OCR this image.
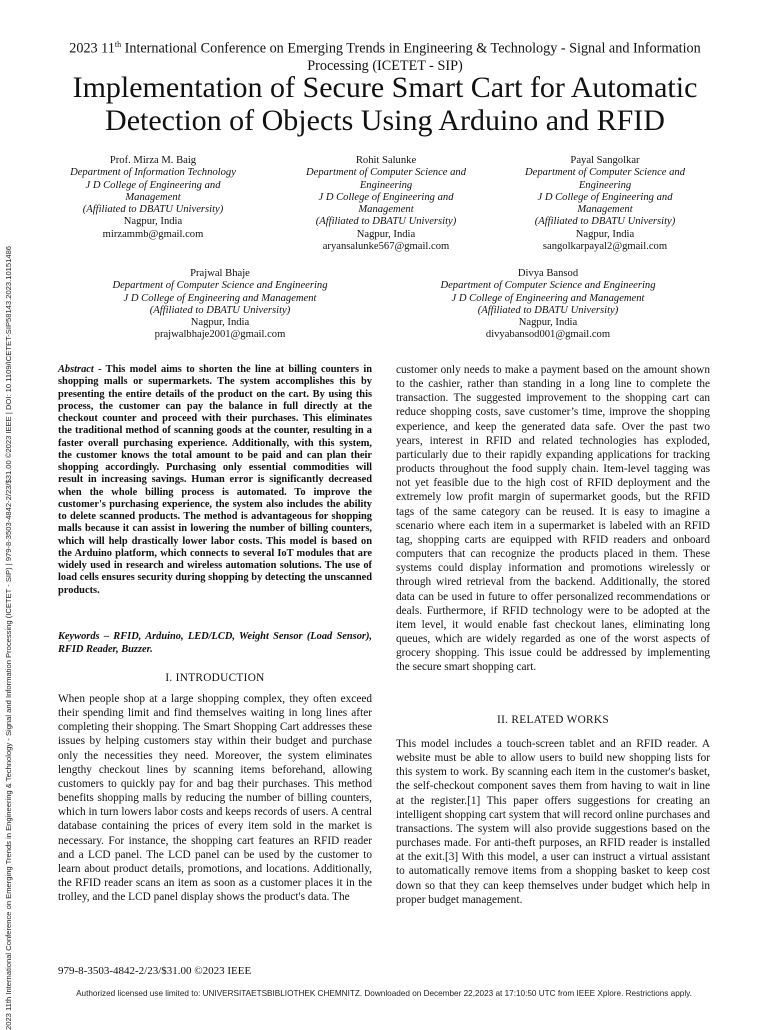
2023 11th International Conference on Emerging Trends in Engineering & Technology - Signal and Information Processing (ICETET - SIP) | 979-8-3503-4842-2/23/$31.00 ©2023 IEEE | DOI: 10.1109/ICETET-SIP58143.2023.10151486
2023 11th International Conference on Emerging Trends in Engineering & Technology - Signal and Information Processing (ICETET - SIP)
Implementation of Secure Smart Cart for Automatic Detection of Objects Using Arduino and RFID
Prof. Mirza M. Baig
Department of Information Technology
J D College of Engineering and Management
(Affiliated to DBATU University)
Nagpur, India
mirzammb@gmail.com
Rohit Salunke
Department of Computer Science and Engineering
J D College of Engineering and Management
(Affiliated to DBATU University)
Nagpur, India
aryansalunke567@gmail.com
Payal Sangolkar
Department of Computer Science and Engineering
J D College of Engineering and Management
(Affiliated to DBATU University)
Nagpur, India
sangolkarpayal2@gmail.com
Prajwal Bhaje
Department of Computer Science and Engineering
J D College of Engineering and Management
(Affiliated to DBATU University)
Nagpur, India
prajwalbhaje2001@gmail.com
Divya Bansod
Department of Computer Science and Engineering
J D College of Engineering and Management
(Affiliated to DBATU University)
Nagpur, India
divyabansod001@gmail.com
Abstract - This model aims to shorten the line at billing counters in shopping malls or supermarkets. The system accomplishes this by presenting the entire details of the product on the cart. By using this process, the customer can pay the balance in full directly at the checkout counter and proceed with their purchases. This eliminates the traditional method of scanning goods at the counter, resulting in a faster overall purchasing experience. Additionally, with this system, the customer knows the total amount to be paid and can plan their shopping accordingly. Purchasing only essential commodities will result in increasing savings. Human error is significantly decreased when the whole billing process is automated. To improve the customer's purchasing experience, the system also includes the ability to delete scanned products. The method is advantageous for shopping malls because it can assist in lowering the number of billing counters, which will help drastically lower labor costs. This model is based on the Arduino platform, which connects to several IoT modules that are widely used in research and wireless automation solutions. The use of load cells ensures security during shopping by detecting the unscanned products.
Keywords – RFID, Arduino, LED/LCD, Weight Sensor (Load Sensor), RFID Reader, Buzzer.
I. INTRODUCTION
When people shop at a large shopping complex, they often exceed their spending limit and find themselves waiting in long lines after completing their shopping. The Smart Shopping Cart addresses these issues by helping customers stay within their budget and purchase only the necessities they need. Moreover, the system eliminates lengthy checkout lines by scanning items beforehand, allowing customers to quickly pay for and bag their purchases. This method benefits shopping malls by reducing the number of billing counters, which in turn lowers labor costs and keeps records of users. A central database containing the prices of every item sold in the market is necessary. For instance, the shopping cart features an RFID reader and a LCD panel. The LCD panel can be used by the customer to learn about product details, promotions, and locations. Additionally, the RFID reader scans an item as soon as a customer places it in the trolley, and the LCD panel display shows the product's data. The
customer only needs to make a payment based on the amount shown to the cashier, rather than standing in a long line to complete the transaction. The suggested improvement to the shopping cart can reduce shopping costs, save customer’s time, improve the shopping experience, and keep the generated data safe. Over the past two years, interest in RFID and related technologies has exploded, particularly due to their rapidly expanding applications for tracking products throughout the food supply chain. Item-level tagging was not yet feasible due to the high cost of RFID deployment and the extremely low profit margin of supermarket goods, but the RFID tags of the same category can be reused. It is easy to imagine a scenario where each item in a supermarket is labeled with an RFID tag, shopping carts are equipped with RFID readers and onboard computers that can recognize the products placed in them. These systems could display information and promotions wirelessly or through wired retrieval from the backend. Additionally, the stored data can be used in future to offer personalized recommendations or deals. Furthermore, if RFID technology were to be adopted at the item level, it would enable fast checkout lanes, eliminating long queues, which are widely regarded as one of the worst aspects of grocery shopping. This issue could be addressed by implementing the secure smart shopping cart.
II. RELATED WORKS
This model includes a touch-screen tablet and an RFID reader. A website must be able to allow users to build new shopping lists for this system to work. By scanning each item in the customer's basket, the self-checkout component saves them from having to wait in line at the register.[1] This paper offers suggestions for creating an intelligent shopping cart system that will record online purchases and transactions. The system will also provide suggestions based on the purchases made. For anti-theft purposes, an RFID reader is installed at the exit.[3] With this model, a user can instruct a virtual assistant to automatically remove items from a shopping basket to keep cost down so that they can keep themselves under budget which help in proper budget management.
979-8-3503-4842-2/23/$31.00 ©2023 IEEE
Authorized licensed use limited to: UNIVERSITAETSBIBLIOTHEK CHEMNITZ. Downloaded on December 22,2023 at 17:10:50 UTC from IEEE Xplore. Restrictions apply.
